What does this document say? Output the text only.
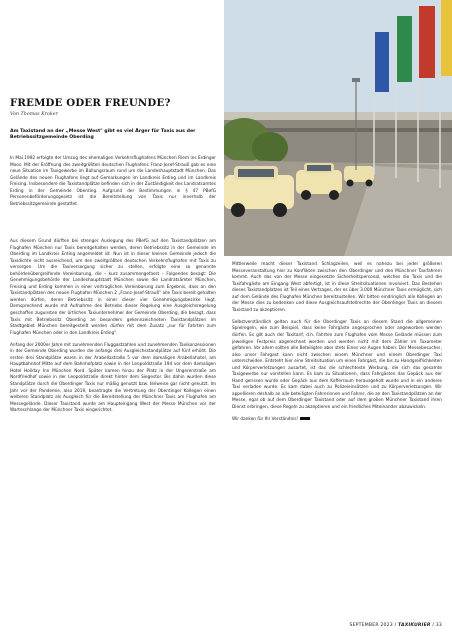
FREMDE ODER FREUNDE?
Von Thomas Kroker
Am Taxistand an der „Messe West" gibt es viel Ärger für Taxis aus der Betriebssitzgemeinde Oberding

In Mai 1992 erfolgte der Umzug des ehemaligen Verkehrsflughafens München Riem ins Erdinger Moos. Mit der Eröffnung des zweitgrößten deutschen Flughafens Franz-Josef-Strauß gab es eine neue Situation im Taxigewerbe im Ballungsraum rund um die Landeshauptstadt München. Das Gelände des neuen Flughafens liegt auf Gemarkungen im Landkreis Erding und im Landkreis Freising. Insbesondere die Taxistandplätze befinden sich in der Zuständigkeit des Landratsamtes Erding in der Gemeinde Oberding. Aufgrund der Bestimmungen in § 47 PBefG Personenbeförderungsgesetz ist die Bereitstellung von Taxis nur innerhalb der Betriebssitzgemeinde gestattet.

Aus diesem Grund dürften bei strenger Auslegung des PBefG auf den Taxistandplätzen am Flughafen München nur Taxis bereitgehalten werden, deren Betriebssitz in der Gemeinde im Oberding im Landkreis Erding angemeldet ist. Nun ist in dieser kleinen Gemeinde jedoch die Taxidichte nicht ausreichend, um den zweitgrößten deutschen Verkehrsflughafen mit Taxis zu versorgen. Um die Taxiversorgung sicher zu stellen, erfolgte eine so genannte behördenübergreifende Vereinbarung, die – kurz zusammengefasst – Folgendes besagt: Die Genehmigungsbehörde der Landeshauptstadt München sowie die Landratsämter München, Freising und Erding kommen in einer vertraglichen Vereinbarung zum Ergebnis, dass an den Taxistandplätzen des neuen Flughafen München 2 „Franz-Josef-Strauß" alle Taxis bereit gehalten werden dürfen, deren Betriebssitz in einer dieser vier Genehmigungsbezirke liegt. Demsprechend wurde mit Aufnahme des Betriebs dieser Regelung eine Ausgleichsregelung geschaffen zugunsten der örtlichen Taxiunternehmer der Gemeinde Oberding, die besagt, dass Taxis mit Betriebssitz Oberding an besonders gekennzeichneten Taxistandplätzen im Stadtgebiet München bereitgestellt werden dürfen mit dem Zusatz „nur für Fahrten zum Flughafen München oder in den Landkreis Erding".

Anfang der 2000er Jahre mit zunehmenden Fluggastzahlen und zunehmenden Taxikonzessionen in der Gemeinde Oberding wurden die anfangs drei Ausgleichsstandplätze auf fünf erhöht. Die ersten drei Standplätze waren in der Arabellastraße 5 vor dem damaligen Arabellahotel, am Hauptbahnhof Mitte auf dem Bahnhofplatz sowie in der Leopoldstraße 194 vor dem damaligen Hotel Holiday Inn München Nord. Später kamen hinzu der Platz in der Ungererstraße am Nordfriedhof sowie in der Leopoldstraße direkt hinter dem Siegestor. Bis dahin wurden diese Standplätze durch die Oberdinger Taxis nur mäßig genutzt bzw. teilweise gar nicht genutzt. Im Jahr vor der Pandemie, also 2019, beantragte die Vertretung der Oberdinger Kollegen einen weiteren Standplatz als Ausgleich für die Bereitstellung der Münchner Taxis am Flughafen am Messegelände. Dieser Taxistand wurde am Haupteingang West der Messe München vor der Warteschlange der Münchner Taxis eingerichtet.

Mittlerweile macht dieser Taxistand Schlagzeilen, weil es nahezu bei jeder größeren Messeveranstaltung hier zu Konflikten zwischen den Oberdinger und den Münchner Taxifahrern kommt. Auch das von der Messe eingesetzte Sicherheitspersonal, welches die Taxis und die Taxifahrgäste am Eingang West abfertigt, ist in diese Streitsituationen involviert. Das Bestehen dieses Taxistandplatzes ist Teil eines Vertrages, der es über 3.000 Münchner Taxis ermöglicht, sich auf dem Gelände des Flughafen München bereitzustellen. Wir bitten eindringlich alle Kollegen an der Messe dies zu bedenken und diese Ausgleichsaufstellrechte der Oberdinger Taxis an diesem Taxistand zu akzeptieren.

Selbstverständlich gelten auch für die Oberdinger Taxis an diesem Stand die allgemeinen Spielregeln, wie zum Beispiel, dass keine Fahrgäste angesprochen oder angeworben werden dürfen. Es gilt auch der Taxitarif, d.h. Fahrten zum Flughafen vom Messe Gelände müssen zum jeweiligen Festpreis abgerechnet werden und werden nicht mit dem Zähler im Taxameter gefahren. Vor allem sollten alle Beteiligten aber stets Eines vor Augen haben: Der Messebesucher, also unser Fahrgast kann nicht zwischen einem Münchner und einem Oberdinger Taxi unterscheiden. Entsteht hier eine Streitsituation um einen Fahrgast, die bis zu Handgreiflichkeiten und Körperverletzungen ausartet, ist das die schlechteste Werbung, die sich das gesamte Taxigewerbe nur vorstellen kann. Es kam zu Situationen, dass Fahrgästen das Gepäck aus der Hand gerissen wurde oder Gepäck aus dem Kofferraum herausgeholt wurde und in ein anderes Taxi verladen wurde. Es kam dabei auch zu Polizeieinsätzen und zu Körperverletzungen. Wir appellieren deshalb an alle beteiligten Fahrerinnen und Fahrer, die an den Taxistandplätzen an der Messe, egal ob auf dem Oberdinger Taxistand oder auf dem großen Münchner Taxistand ihren Dienst erbringen, diese Regeln zu akzeptieren und ein friedliches Miteinander abzuwickeln.

Wir danken für Ihr Verständnis!

SEPTEMBER 2023 / TAXIKURIER / 33
